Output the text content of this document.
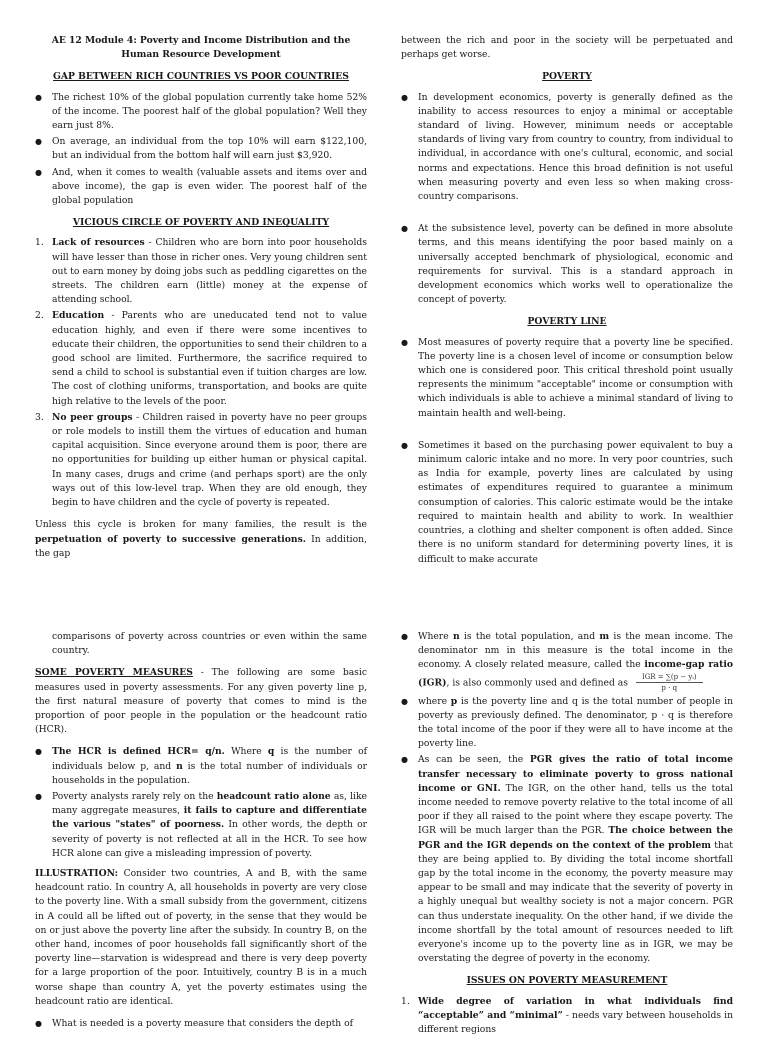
AE 12 Module 4: Poverty and Income Distribution and the Human Resource Development
GAP BETWEEN RICH COUNTRIES VS POOR COUNTRIES
●	The richest 10% of the global population currently take home 52% of the income. The poorest half of the global population? Well they earn just 8%.
●	On average, an individual from the top 10% will earn $122,100, but an individual from the bottom half will earn just $3,920.
●	And, when it comes to wealth (valuable assets and items over and above income), the gap is even wider. The poorest half of the global population
VICIOUS CIRCLE OF POVERTY AND INEQUALITY
1. Lack of resources - Children who are born into poor households will have lesser than those in richer ones. Very young children sent out to earn money by doing jobs such as peddling cigarettes on the streets. The children earn (little) money at the expense of attending school.
2. Education - Parents who are uneducated tend not to value education highly, and even if there were some incentives to educate their children, the opportunities to send their children to a good school are limited. Furthermore, the sacrifice required to send a child to school is substantial even if tuition charges are low. The cost of clothing uniforms, transportation, and books are quite high relative to the levels of the poor.
3. No peer groups - Children raised in poverty have no peer groups or role models to instill them the virtues of education and human capital acquisition. Since everyone around them is poor, there are no opportunities for building up either human or physical capital. In many cases, drugs and crime (and perhaps sport) are the only ways out of this low-level trap. When they are old enough, they begin to have children and the cycle of poverty is repeated.

Unless this cycle is broken for many families, the result is the perpetuation of poverty to successive generations. In addition, the gap

between the rich and poor in the society will be perpetuated and perhaps get worse.

POVERTY
●	In development economics, poverty is generally defined as the inability to access resources to enjoy a minimal or acceptable standard of living. However, minimum needs or acceptable standards of living vary from country to country, from individual to individual, in accordance with one's cultural, economic, and social norms and expectations. Hence this broad definition is not useful when measuring poverty and even less so when making cross-country comparisons.
●	At the subsistence level, poverty can be defined in more absolute terms, and this means identifying the poor based mainly on a universally accepted benchmark of physiological, economic and requirements for survival. This is a standard approach in development economics which works well to operationalize the concept of poverty.
POVERTY LINE
●	Most measures of poverty require that a poverty line be specified. The poverty line is a chosen level of income or consumption below which one is considered poor. This critical threshold point usually represents the minimum "acceptable" income or consumption with which individuals is able to achieve a minimal standard of living to maintain health and well-being.
●	Sometimes it based on the purchasing power equivalent to buy a minimum caloric intake and no more. In very poor countries, such as India for example, poverty lines are calculated by using estimates of expenditures required to guarantee a minimum consumption of calories. This caloric estimate would be the intake required to maintain health and ability to work. In wealthier countries, a clothing and shelter component is often added. Since there is no uniform standard for determining poverty lines, it is difficult to make accurate

comparisons of poverty across countries or even within the same country.

SOME POVERTY MEASURES - The following are some basic measures used in poverty assessments. For any given poverty line p, the first natural measure of poverty that comes to mind is the proportion of poor people in the population or the headcount ratio (HCR).

●	The HCR is defined HCR= q/n. Where q is the number of individuals below p, and n is the total number of individuals or households in the population.
●	Poverty analysts rarely rely on the headcount ratio alone as, like many aggregate measures, it fails to capture and differentiate the various "states" of poorness. In other words, the depth or severity of poverty is not reflected at all in the HCR. To see how HCR alone can give a misleading impression of poverty.

ILLUSTRATION: Consider two countries, A and B, with the same headcount ratio. In country A, all households in poverty are very close to the poverty line. With a small subsidy from the government, citizens in A could all be lifted out of poverty, in the sense that they would be on or just above the poverty line after the subsidy. In country B, on the other hand, incomes of poor households fall significantly short of the poverty line—starvation is widespread and there is very deep poverty for a large proportion of the poor. Intuitively, country B is in a much worse shape than country A, yet the poverty estimates using the headcount ratio are identical.

●	What is needed is a poverty measure that considers the depth of
●	Where n is the total population, and m is the mean income. The denominator nm in this measure is the total income in the economy. A closely related measure, called the income-gap ratio (IGR), is also commonly used and defined as
IGR = ∑(p − yᵢ)
p · q
●	where p is the poverty line and q is the total number of people in poverty as previously defined. The denominator, p · q is therefore the total income of the poor if they were all to have income at the poverty line.
●	As can be seen, the PGR gives the ratio of total income transfer necessary to eliminate poverty to gross national income or GNI. The IGR, on the other hand, tells us the total income needed to remove poverty relative to the total income of all poor if they all raised to the point where they escape poverty. The IGR will be much larger than the PGR. The choice between the PGR and the IGR depends on the context of the problem that they are being applied to. By dividing the total income shortfall gap by the total income in the economy, the poverty measure may appear to be small and may indicate that the severity of poverty in a highly unequal but wealthy society is not a major concern. PGR can thus understate inequality. On the other hand, if we divide the income shortfall by the total amount of resources needed to lift everyone's income up to the poverty line as in IGR, we may be overstating the degree of poverty in the economy.
ISSUES ON POVERTY MEASUREMENT
1. Wide degree of variation in what individuals find “acceptable” and “minimal” - needs vary between households in different regions
